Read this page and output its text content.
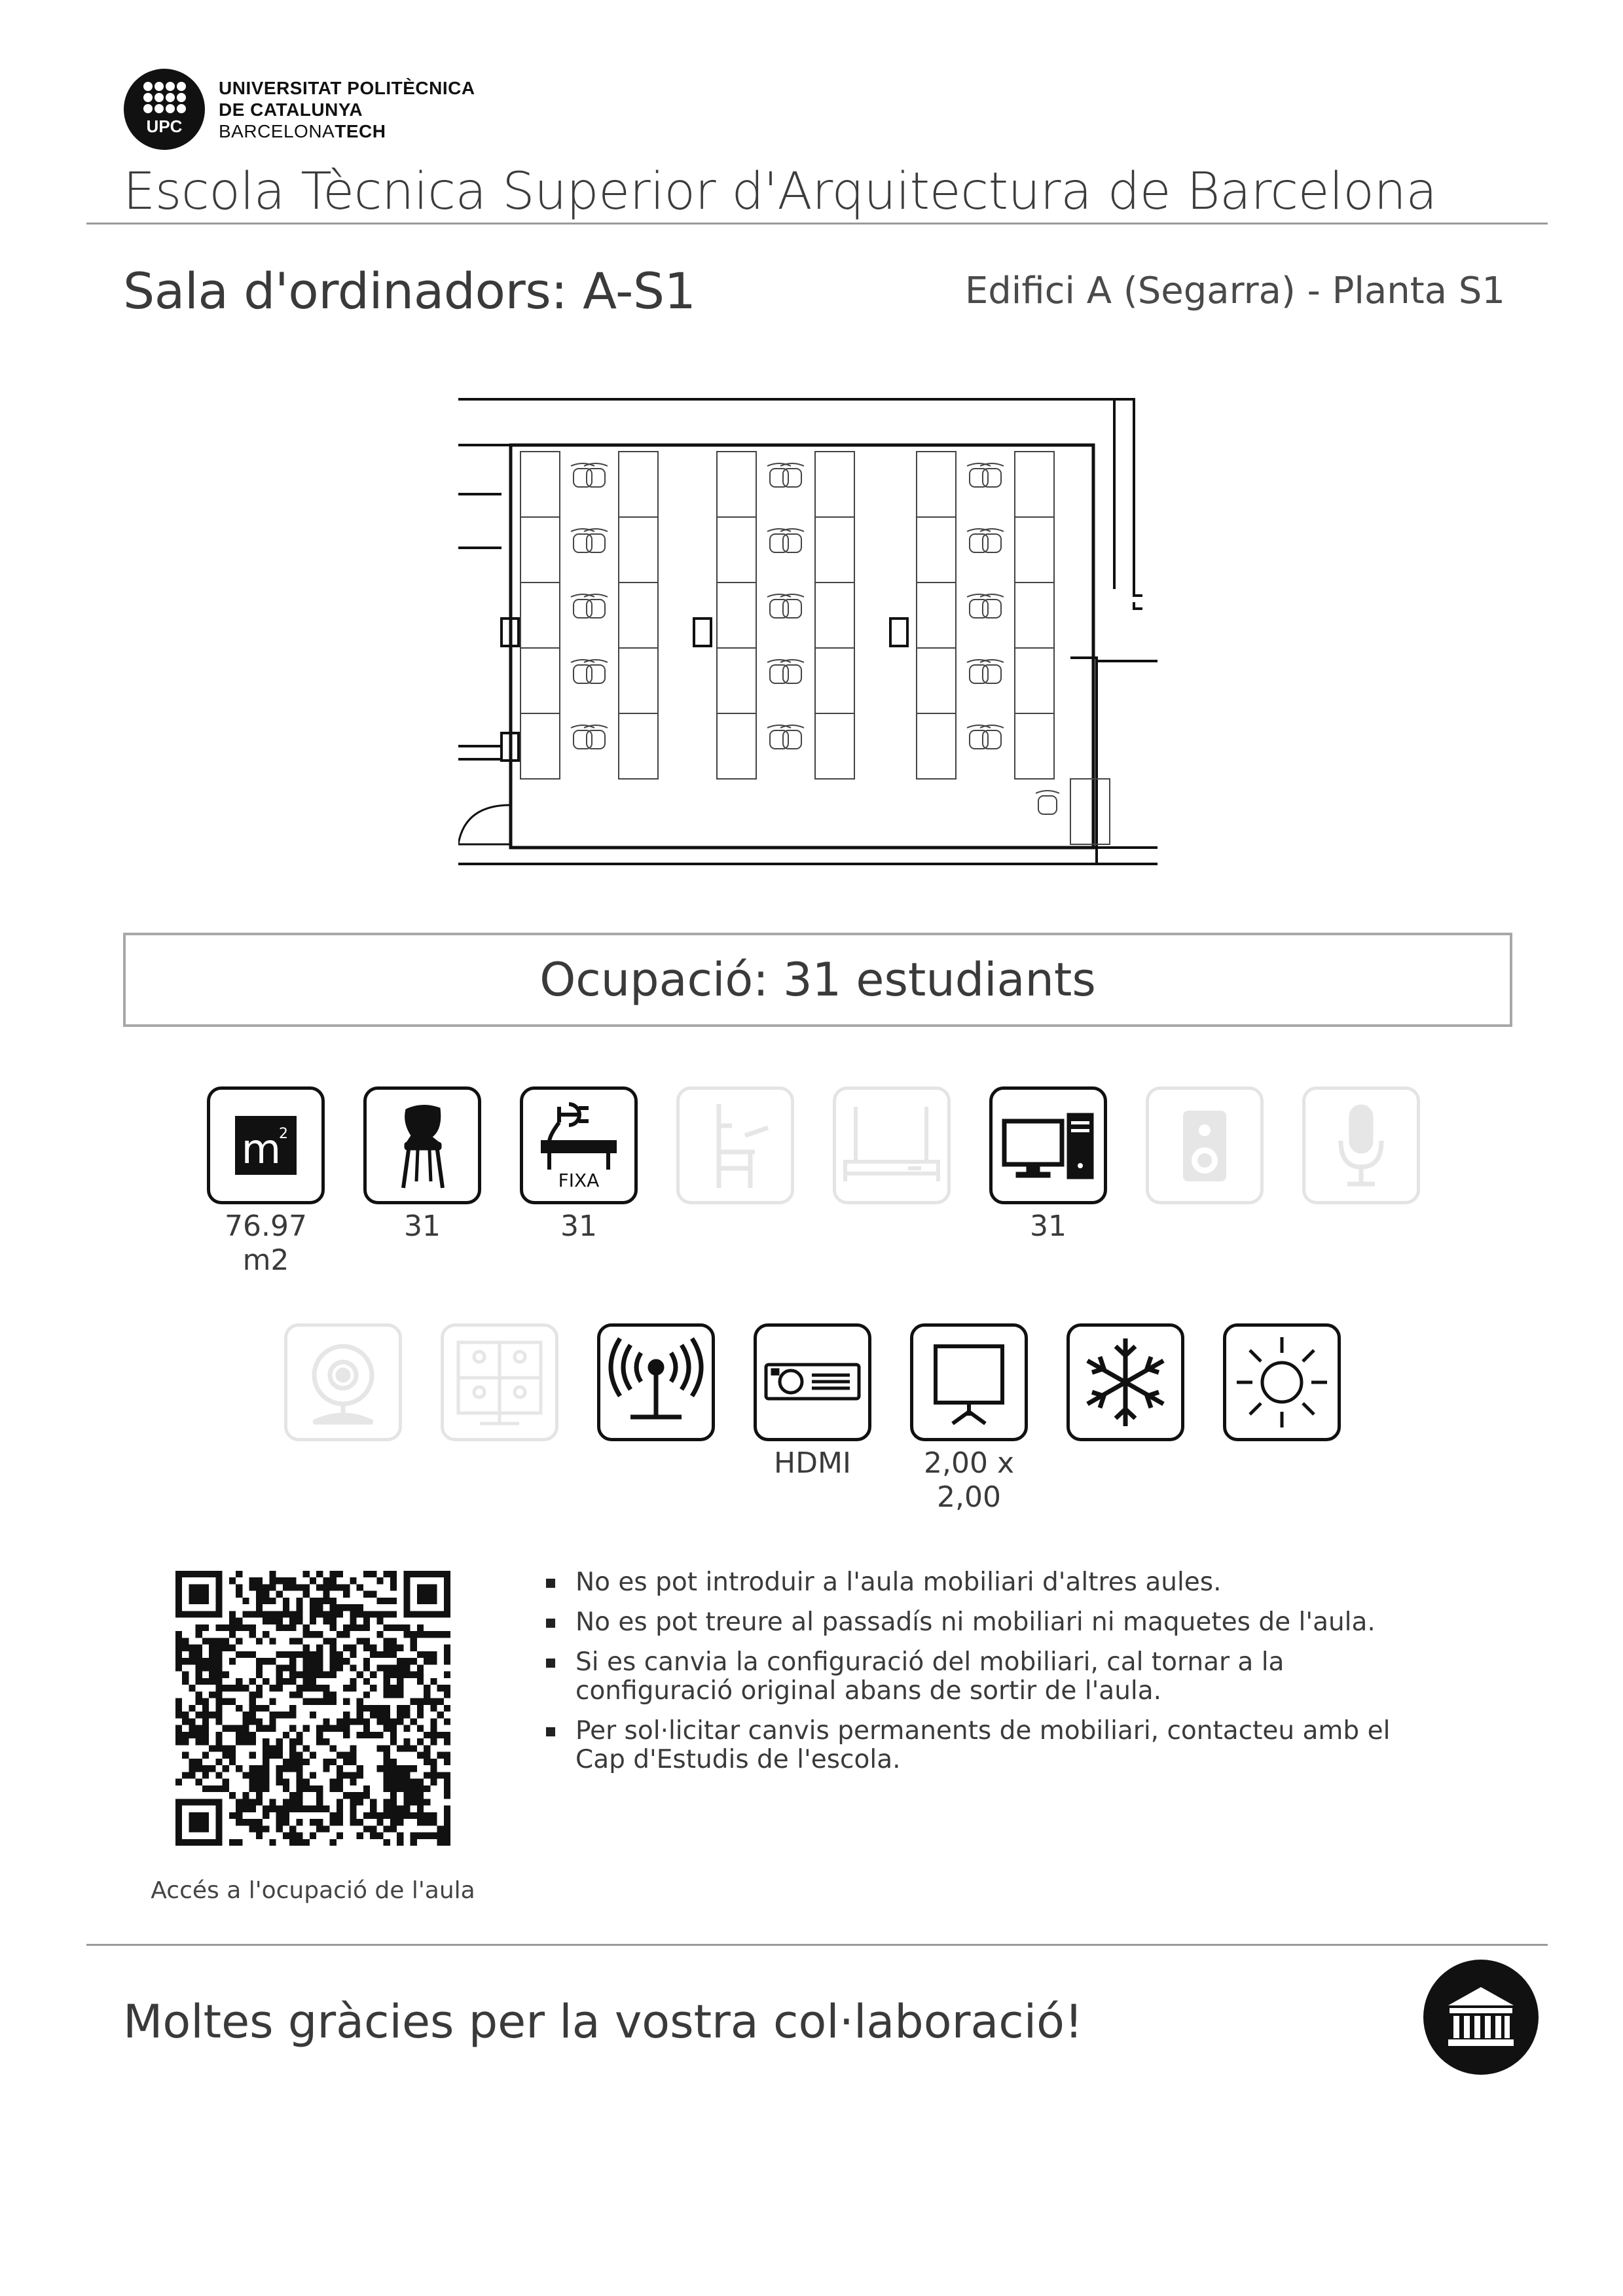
UPC
UNIVERSITAT POLITÈCNICA
DE CATALUNYA
BARCELONATECH
Escola Tècnica Superior d'Arquitectura de Barcelona
Sala d'ordinadors: A-S1	Edifici A (Segarra) - Planta S1
Ocupació: 31 estudiants
m
2
76.97
m2
31
FIXA
31	31
HDMI	2,00 x
2,00
Accés a l'ocupació de l'aula
No es pot introduir a l'aula mobiliari d'altres aules.
No es pot treure al passadís ni mobiliari ni maquetes de l'aula.
Si es canvia la configuració del mobiliari, cal tornar a la configuració original abans de sortir de l'aula.
Per sol·licitar canvis permanents de mobiliari, contacteu amb el Cap d'Estudis de l'escola.
Moltes gràcies per la vostra col·laboració!
